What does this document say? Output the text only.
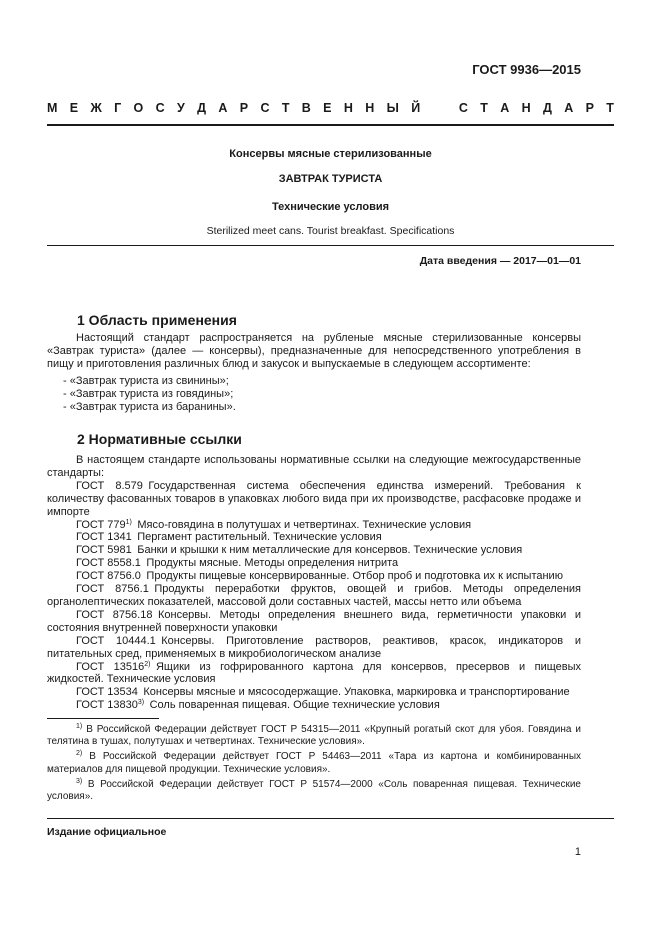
ГОСТ 9936—2015
М Е Ж Г О С У Д А Р С Т В Е Н Н Ы Й	С Т А Н Д А Р Т
Консервы мясные стерилизованные
ЗАВТРАК ТУРИСТА
Технические условия
Sterilized meet cans. Tourist breakfast. Specifications
Дата введения — 2017—01—01
1 Область применения
Настоящий стандарт распространяется на рубленые мясные стерилизованные консервы «Завтрак туриста» (далее — консервы), предназначенные для непосредственного употребления в пищу и приготовления различных блюд и закусок и выпускаемые в следующем ассортименте:
- «Завтрак туриста из свинины»;
- «Завтрак туриста из говядины»;
- «Завтрак туриста из баранины».
2 Нормативные ссылки

В настоящем стандарте использованы нормативные ссылки на следующие межгосударственные стандарты:

ГОСТ 8.579  Государственная система обеспечения единства измерений. Требования к количеству фасованных товаров в упаковках любого вида при их производстве, расфасовке продаже и импорте

ГОСТ 779$^{1)}$  Мясо-говядина в полутушах и четвертинах. Технические условия

ГОСТ 1341  Пергамент растительный. Технические условия

ГОСТ 5981  Банки и крышки к ним металлические для консервов. Технические условия

ГОСТ 8558.1  Продукты мясные. Методы определения нитрита

ГОСТ 8756.0  Продукты пищевые консервированные. Отбор проб и подготовка их к испытанию

ГОСТ 8756.1  Продукты переработки фруктов, овощей и грибов. Методы определения органолептических показателей, массовой доли составных частей, массы нетто или объема

ГОСТ 8756.18  Консервы. Методы определения внешнего вида, герметичности упаковки и состояния внутренней поверхности упаковки

ГОСТ 10444.1  Консервы. Приготовление растворов, реактивов, красок, индикаторов и питательных сред, применяемых в микробиологическом анализе

ГОСТ 13516$^{2)}$  Ящики из гофрированного картона для консервов, пресервов и пищевых жидкостей. Технические условия

ГОСТ 13534  Консервы мясные и мясосодержащие. Упаковка, маркировка и транспортирование

ГОСТ 13830$^{3)}$  Соль поваренная пищевая. Общие технические условия

$^{1)}$ В Российской Федерации действует ГОСТ Р 54315—2011 «Крупный рогатый скот для убоя. Говядина и телятина в тушах, полутушах и четвертинах. Технические условия».

$^{2)}$ В Российской Федерации действует ГОСТ Р 54463—2011 «Тара из картона и комбинированных материалов для пищевой продукции. Технические условия».

$^{3)}$ В Российской Федерации действует ГОСТ Р 51574—2000 «Соль поваренная пищевая. Технические условия».

Издание официальное
1
